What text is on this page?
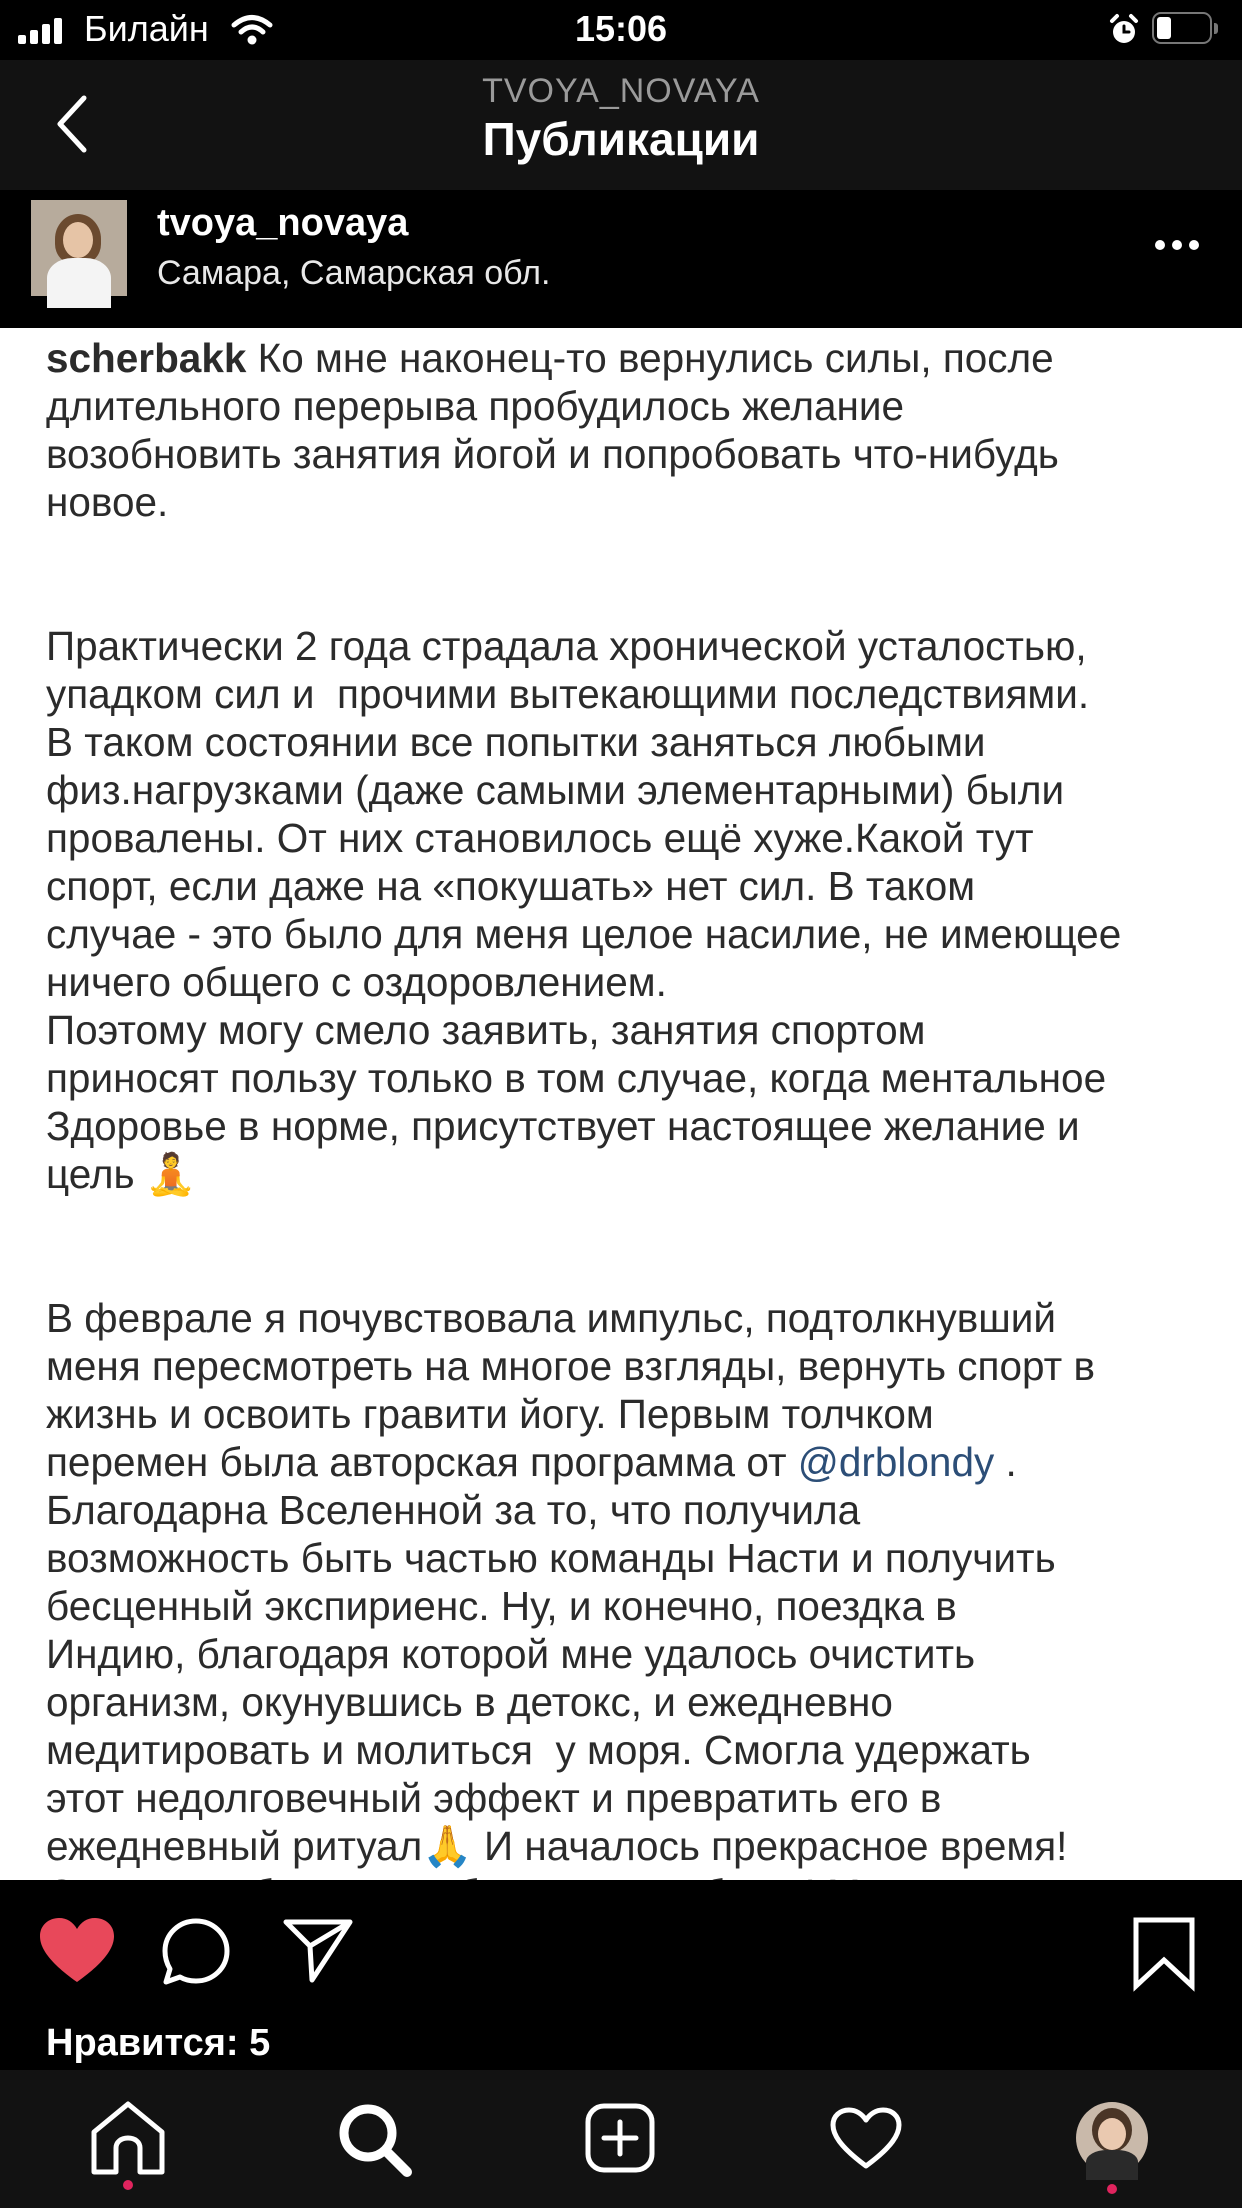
Билайн	15:06
TVOYA_NOVAYA
Публикации
tvoya_novaya
Самара, Самарская обл.
scherbakk Ко мне наконец-то вернулись силы, после
длительного перерыва пробудилось желание
возобновить занятия йогой и попробовать что-нибудь
новое.

Практически 2 года страдала хронической усталостью,
упадком сил и  прочими вытекающими последствиями.
В таком состоянии все попытки заняться любыми
физ.нагрузками (даже самыми элементарными) были
провалены. От них становилось ещё хуже.Какой тут
спорт, если даже на «покушать» нет сил. В таком
случае - это было для меня целое насилие, не имеющее
ничего общего с оздоровлением.
Поэтому могу смело заявить, занятия спортом
приносят пользу только в том случае, когда ментальное
Здоровье в норме, присутствует настоящее желание и
цель 🧘

В феврале я почувствовала импульс, подтолкнувший
меня пересмотреть на многое взгляды, вернуть спорт в
жизнь и освоить гравити йогу. Первым толчком
перемен была авторская программа от @drblondy .
Благодарна Вселенной за то, что получила
возможность быть частью команды Насти и получить
бесценный экспириенс. Ну, и конечно, поездка в
Индию, благодаря которой мне удалось очистить
организм, окунувшись в детокс, и ежедневно
медитировать и молиться  у моря. Смогла удержать
этот недолговечный эффект и превратить его в
ежедневный ритуал🙏 И началось прекрасное время!

Нравится: 5
